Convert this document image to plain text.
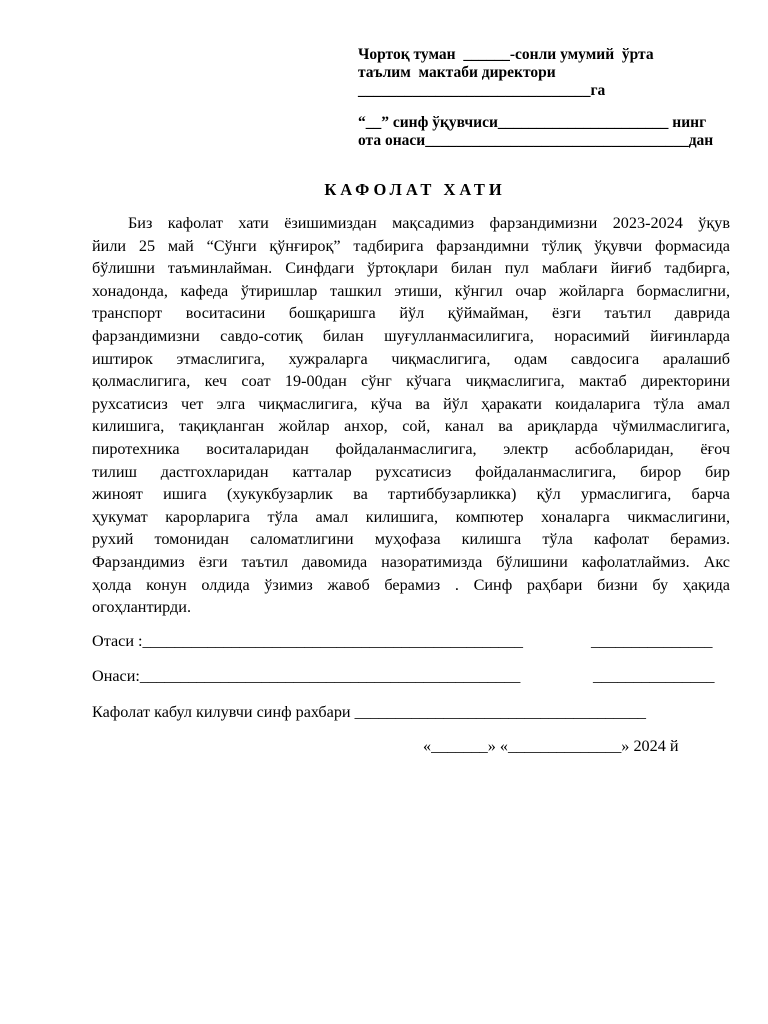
Чортоқ туман  ______-сонли умумий  ўрта
таълим  мактаби директори
______________________________га
“__” синф ўқувчиси______________________ нинг
ота онаси__________________________________дан
КАФОЛАТ ХАТИ
Биз кафолат хати ёзишимиздан мақсадимиз фарзандимизни 2023-2024 ўқув
йили 25 май “Сўнги қўнғироқ” тадбирига фарзандимни тўлиқ ўқувчи формасида
бўлишни таъминлайман. Синфдаги ўртоқлари билан пул маблағи йиғиб тадбирга,
хонадонда, кафеда ўтиришлар ташкил этиши, кўнгил очар жойларга бормаслигни,
транспорт воситасини бошқаришга йўл қўймайман, ёзги таътил даврида
фарзандимизни савдо-сотиқ билан шуғулланмасилигига, норасимий йиғинларда
иштирок этмаслигига, хужраларга чиқмаслигига, одам савдосига аралашиб
қолмаслигига, кеч соат 19-00дан сўнг кўчага чиқмаслигига, мактаб директорини
рухсатисиз чет элга чиқмаслигига, кўча ва йўл ҳаракати коидаларига тўла амал
килишига, тақиқланган жойлар анхор, сой, канал ва ариқларда чўмилмаслигига,
пиротехника воситаларидан фойдаланмаслигига, электр асбобларидан, ёғоч
тилиш дастгохларидан катталар рухсатисиз фойдаланмаслигига, бирор бир
жиноят ишига (хукукбузарлик ва тартиббузарликка) қўл урмаслигига, барча
ҳукумат карорларига тўла амал килишига, компютер хоналарга чикмаслигини,
рухий томонидан саломатлигини муҳофаза килишга тўла кафолат берамиз.
Фарзандимиз ёзги таътил давомида назоратимизда бўлишини кафолатлаймиз. Акс
ҳолда конун олдида ўзимиз жавоб берамиз . Синф раҳбари бизни бу ҳақида
огоҳлантирди.
Отаси :_______________________________________________	_______________
Онаси:_______________________________________________	_______________
Кафолат кабул килувчи синф рахбари ____________________________________
«_______» «______________» 2024 й
